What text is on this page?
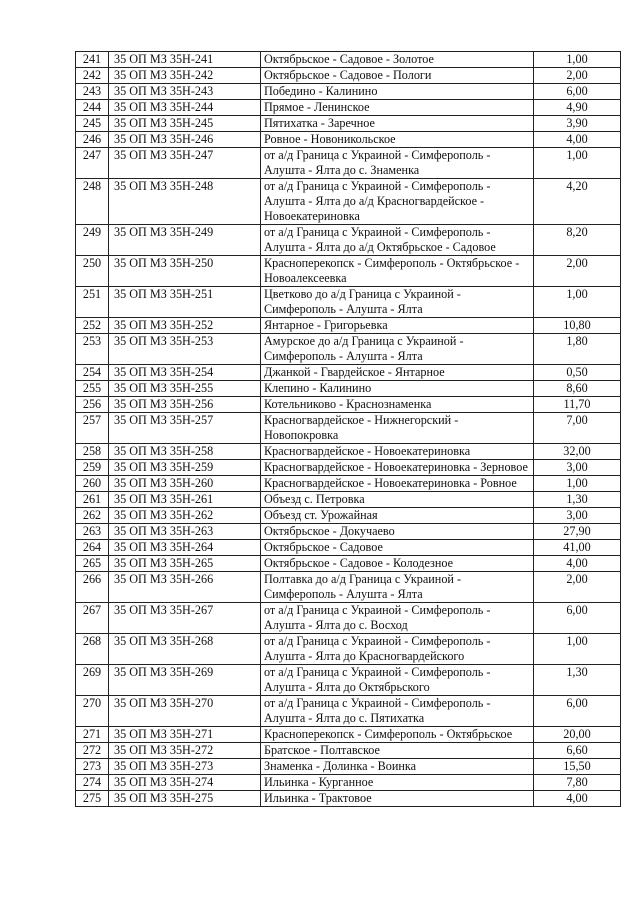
241	35 ОП МЗ 35Н-241	Октябрьское - Садовое - Золотое	1,00
242	35 ОП МЗ 35Н-242	Октябрьское - Садовое - Пологи	2,00
243	35 ОП МЗ 35Н-243	Победино - Калинино	6,00
244	35 ОП МЗ 35Н-244	Прямое - Ленинское	4,90
245	35 ОП МЗ 35Н-245	Пятихатка - Заречное	3,90
246	35 ОП МЗ 35Н-246	Ровное - Новоникольское	4,00
247	35 ОП МЗ 35Н-247	от а/д Граница с Украиной - Симферополь - Алушта - Ялта до с. Знаменка	1,00
248	35 ОП МЗ 35Н-248	от а/д Граница с Украиной - Симферополь - Алушта - Ялта до а/д Красногвардейское - Новоекатериновка	4,20
249	35 ОП МЗ 35Н-249	от а/д Граница с Украиной - Симферополь - Алушта - Ялта до а/д Октябрьское - Садовое	8,20
250	35 ОП МЗ 35Н-250	Красноперекопск - Симферополь - Октябрьское - Новоалексеевка	2,00
251	35 ОП МЗ 35Н-251	Цветково до а/д Граница с Украиной - Симферополь - Алушта - Ялта	1,00
252	35 ОП МЗ 35Н-252	Янтарное - Григорьевка	10,80
253	35 ОП МЗ 35Н-253	Амурское до а/д Граница с Украиной - Симферополь - Алушта - Ялта	1,80
254	35 ОП МЗ 35Н-254	Джанкой - Гвардейское - Янтарное	0,50
255	35 ОП МЗ 35Н-255	Клепино - Калинино	8,60
256	35 ОП МЗ 35Н-256	Котельниково - Краснознаменка	11,70
257	35 ОП МЗ 35Н-257	Красногвардейское - Нижнегорский - Новопокровка	7,00
258	35 ОП МЗ 35Н-258	Красногвардейское - Новоекатериновка	32,00
259	35 ОП МЗ 35Н-259	Красногвардейское - Новоекатериновка - Зерновое	3,00
260	35 ОП МЗ 35Н-260	Красногвардейское - Новоекатериновка - Ровное	1,00
261	35 ОП МЗ 35Н-261	Объезд с. Петровка	1,30
262	35 ОП МЗ 35Н-262	Объезд ст. Урожайная	3,00
263	35 ОП МЗ 35Н-263	Октябрьское - Докучаево	27,90
264	35 ОП МЗ 35Н-264	Октябрьское - Садовое	41,00
265	35 ОП МЗ 35Н-265	Октябрьское - Садовое - Колодезное	4,00
266	35 ОП МЗ 35Н-266	Полтавка до а/д Граница с Украиной - Симферополь - Алушта - Ялта	2,00
267	35 ОП МЗ 35Н-267	от а/д Граница с Украиной - Симферополь - Алушта - Ялта до с. Восход	6,00
268	35 ОП МЗ 35Н-268	от а/д Граница с Украиной - Симферополь - Алушта - Ялта до Красногвардейского	1,00
269	35 ОП МЗ 35Н-269	от а/д Граница с Украиной - Симферополь - Алушта - Ялта до Октябрьского	1,30
270	35 ОП МЗ 35Н-270	от а/д Граница с Украиной - Симферополь - Алушта - Ялта до с. Пятихатка	6,00
271	35 ОП МЗ 35Н-271	Красноперекопск - Симферополь - Октябрьское	20,00
272	35 ОП МЗ 35Н-272	Братское - Полтавское	6,60
273	35 ОП МЗ 35Н-273	Знаменка - Долинка - Воинка	15,50
274	35 ОП МЗ 35Н-274	Ильинка - Курганное	7,80
275	35 ОП МЗ 35Н-275	Ильинка - Трактовое	4,00
